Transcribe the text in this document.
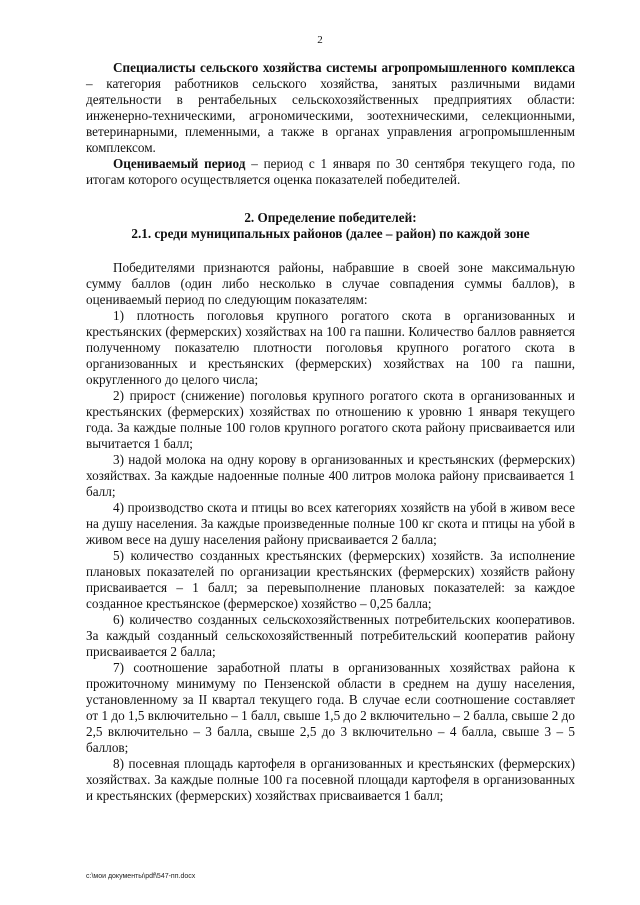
2

Специалисты сельского хозяйства системы агропромышленного комплекса – категория работников сельского хозяйства, занятых различными видами деятельности в рентабельных сельскохозяйственных предприятиях области: инженерно-техническими, агрономическими, зоотехническими, селекционными, ветеринарными, племенными, а также в органах управления агропромышленным комплексом.

Оцениваемый период – период с 1 января по 30 сентября текущего года, по итогам которого осуществляется оценка показателей победителей.

2. Определение победителей:
2.1. среди муниципальных районов (далее – район) по каждой зоне

Победителями признаются районы, набравшие в своей зоне максимальную сумму баллов (один либо несколько в случае совпадения суммы баллов), в оцениваемый период по следующим показателям:

1) плотность поголовья крупного рогатого скота в организованных и крестьянских (фермерских) хозяйствах на 100 га пашни. Количество баллов равняется полученному показателю плотности поголовья крупного рогатого скота в организованных и крестьянских (фермерских) хозяйствах на 100 га пашни, округленного до целого числа;

2) прирост (снижение) поголовья крупного рогатого скота в организованных и крестьянских (фермерских) хозяйствах по отношению к уровню 1 января текущего года. За каждые полные 100 голов крупного рогатого скота району присваивается или вычитается 1 балл;

3) надой молока на одну корову в организованных и крестьянских (фермерских) хозяйствах. За каждые надоенные полные 400 литров молока району присваивается 1 балл;

4) производство скота и птицы во всех категориях хозяйств на убой в живом весе на душу населения. За каждые произведенные полные 100 кг скота и птицы на убой в живом весе на душу населения району присваивается 2 балла;

5) количество созданных крестьянских (фермерских) хозяйств. За исполнение плановых показателей по организации крестьянских (фермерских) хозяйств району присваивается – 1 балл; за перевыполнение плановых показателей: за каждое созданное крестьянское (фермерское) хозяйство – 0,25 балла;

6) количество созданных сельскохозяйственных потребительских кооперативов. За каждый созданный сельскохозяйственный потребительский кооператив району присваивается 2 балла;

7) соотношение заработной платы в организованных хозяйствах района к прожиточному минимуму по Пензенской области в среднем на душу населения, установленному за II квартал текущего года. В случае если соотношение составляет от 1 до 1,5 включительно – 1 балл, свыше 1,5 до 2 включительно – 2 балла, свыше 2 до 2,5 включительно – 3 балла, свыше 2,5 до 3 включительно – 4 балла, свыше 3 – 5 баллов;

8) посевная площадь картофеля в организованных и крестьянских (фермерских) хозяйствах. За каждые полные 100 га посевной площади картофеля в организованных и крестьянских (фермерских) хозяйствах присваивается 1 балл;

c:\мои документы\pdf\547-пп.docx
